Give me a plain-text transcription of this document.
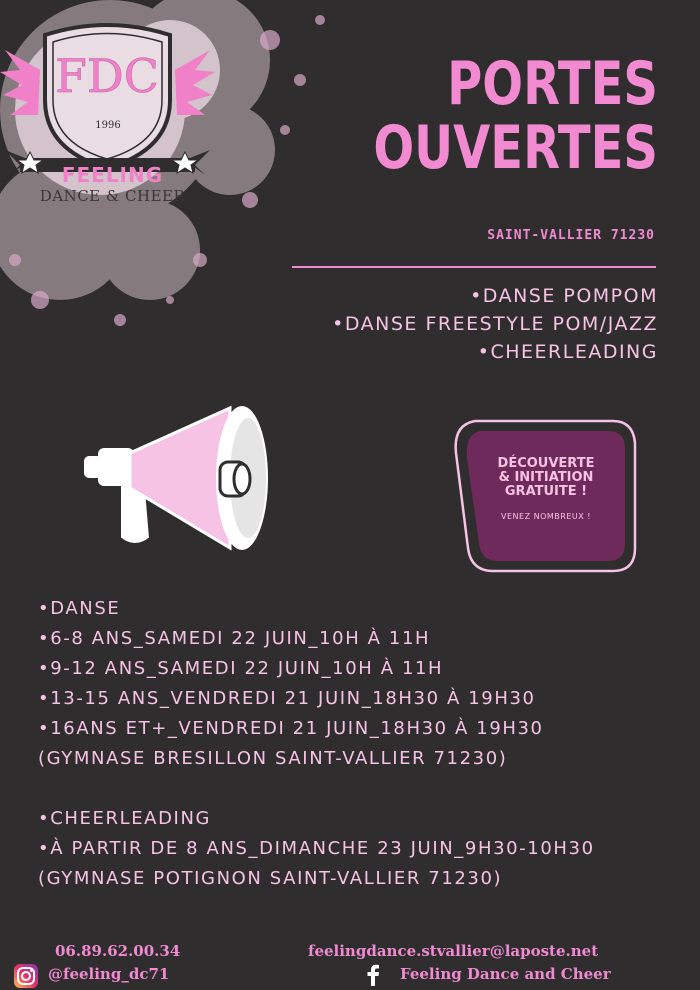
FDC
1996
FEELING
DANCE & CHEER
PORTES
OUVERTES
SAINT-VALLIER 71230
•DANSE POMPOM
•DANSE FREESTYLE POM/JAZZ
•CHEERLEADING
DÉCOUVERTE
& INITIATION
GRATUITE !
VENEZ NOMBREUX !
•DANSE
•6-8 ANS_SAMEDI 22 JUIN_10H À 11H
•9-12 ANS_SAMEDI 22 JUIN_10H À 11H
•13-15 ANS_VENDREDI 21 JUIN_18H30 À 19H30
•16ANS ET+_VENDREDI 21 JUIN_18H30 À 19H30
(GYMNASE BRESILLON SAINT-VALLIER 71230)
•CHEERLEADING
•À PARTIR DE 8 ANS_DIMANCHE 23 JUIN_9H30-10H30
(GYMNASE POTIGNON SAINT-VALLIER 71230)
06.89.62.00.34
@feeling_dc71
feelingdance.stvallier@laposte.net
Feeling Dance and Cheer
